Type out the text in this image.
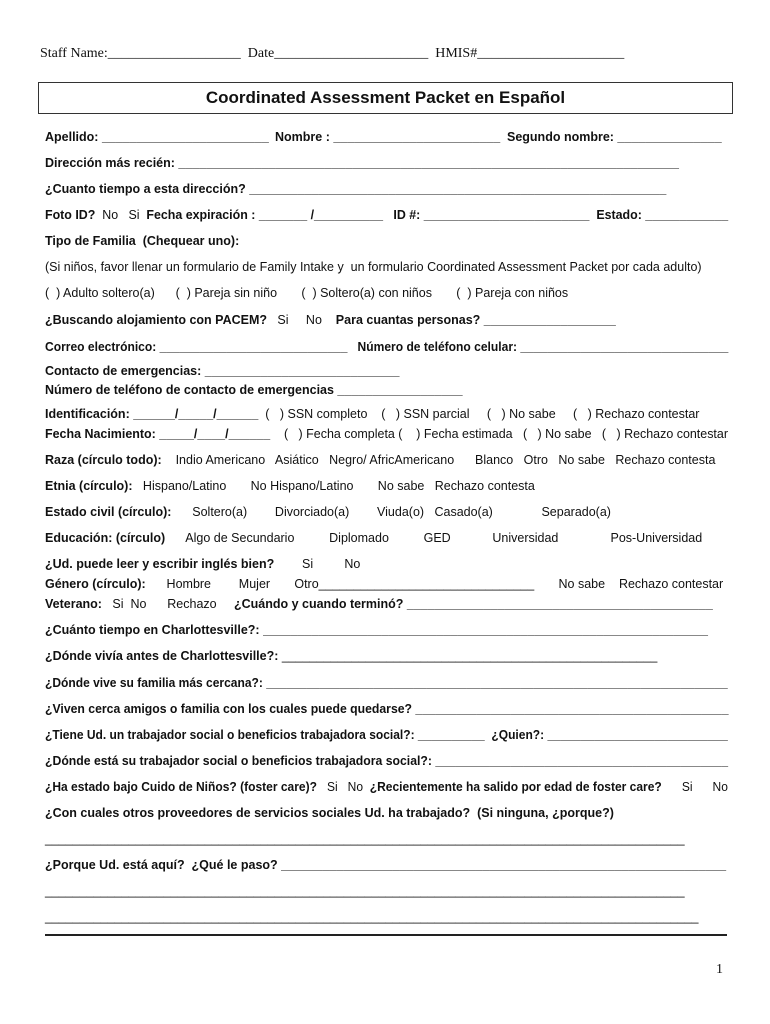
Staff Name:___________________  Date______________________  HMIS#_____________________
Coordinated Assessment Packet en Español
Apellido: ________________________ Nombre : ________________________ Segundo nombre: _______________
Dirección más recién: ________________________________________________________________________
¿Cuanto tiempo a esta dirección? ____________________________________________________________
Foto ID?  No   Si  Fecha expiración : _______ /__________   ID #: ________________________  Estado: ____________
Tipo de Familia  (Chequear uno):
(Si niños, favor llenar un formulario de Family Intake y  un formulario Coordinated Assessment Packet por cada adulto)
(  ) Adulto soltero(a)      (  ) Pareja sin niño       (  ) Soltero(a) con niños       (  ) Pareja con niños
¿Buscando alojamiento con PACEM?   Si     No    Para cuantas personas? ___________________
Correo electrónico: ____________________________   Número de teléfono celular: _______________________________
Contacto de emergencias: ____________________________
Número de teléfono de contacto de emergencias __________________
Identificación: ______/_____/______  (   ) SSN completo    (   ) SSN parcial     (   ) No sabe     (   ) Rechazo contestar
Fecha Nacimiento: _____/____/______    (   ) Fecha completa (    ) Fecha estimada   (   ) No sabe   (   ) Rechazo contestar
Raza (círculo todo):    Indio Americano   Asiático   Negro/ AfricAmericano      Blanco   Otro   No sabe   Rechazo contesta
Etnia (círculo):   Hispano/Latino       No Hispano/Latino       No sabe   Rechazo contesta
Estado civil (círculo):      Soltero(a)        Divorciado(a)        Viuda(o)   Casado(a)              Separado(a)
Educación: (círculo)      Algo de Secundario          Diplomado          GED            Universidad               Pos-Universidad
¿Ud. puede leer y escribir inglés bien?        Si         No
Género (círculo):      Hombre        Mujer       Otro_______________________________       No sabe    Rechazo contestar
Veterano:   Si  No      Rechazo     ¿Cuándo y cuando terminó? ____________________________________________
¿Cuánto tiempo en Charlottesville?: ________________________________________________________________
¿Dónde vivía antes de Charlottesville?: ______________________________________________________
¿Dónde vive su familia más cercana?: _____________________________________________________________________
¿Viven cerca amigos o familia con los cuales puede quedarse? ______________________________________________
¿Tiene Ud. un trabajador social o beneficios trabajadora social?: __________  ¿Quien?: ___________________________
¿Dónde está su trabajador social o beneficios trabajadora social?: ___________________________________________
¿Ha estado bajo Cuido de Niños? (foster care)?   Si   No  ¿Recientemente ha salido por edad de foster care?      Si      No
¿Con cuales otros proveedores de servicios sociales Ud. ha trabajado?  (Si ninguna, ¿porque?)
____________________________________________________________________________________________
¿Porque Ud. está aquí?  ¿Qué le paso? ________________________________________________________________
____________________________________________________________________________________________
______________________________________________________________________________________________
1
